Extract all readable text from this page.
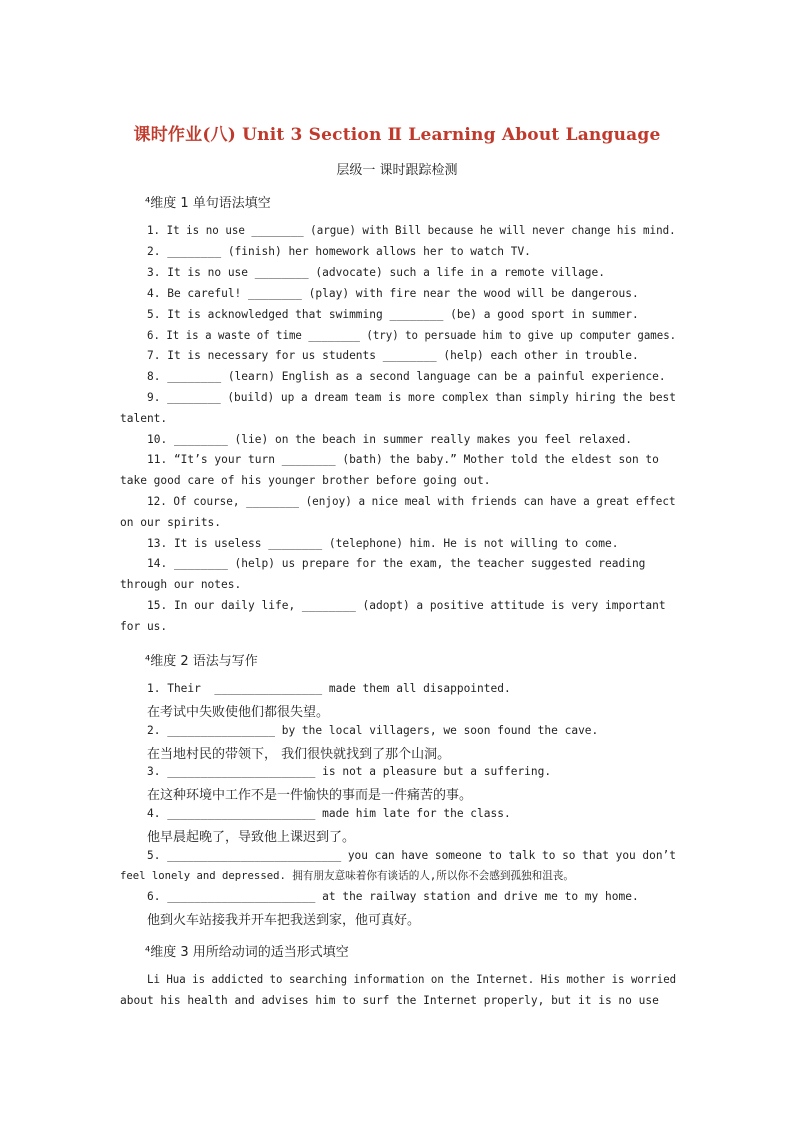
课时作业(八) Unit 3 Section Ⅱ Learning About Language
层级一 课时跟踪检测
⁴维度 1 单句语法填空
1. It is no use ________ (argue) with Bill because he will never change his mind.
2. ________ (finish) her homework allows her to watch TV.
3. It is no use ________ (advocate) such a life in a remote village.
4. Be careful! ________ (play) with fire near the wood will be dangerous.
5. It is acknowledged that swimming ________ (be) a good sport in summer.
6. It is a waste of time ________ (try) to persuade him to give up computer games.
7. It is necessary for us students ________ (help) each other in trouble.
8. ________ (learn) English as a second language can be a painful experience.
9. ________ (build) up a dream team is more complex than simply hiring the best
talent.
10. ________ (lie) on the beach in summer really makes you feel relaxed.
11. “It’s your turn ________ (bath) the baby.” Mother told the eldest son to
take good care of his younger brother before going out.
12. Of course, ________ (enjoy) a nice meal with friends can have a great effect
on our spirits.
13. It is useless ________ (telephone) him. He is not willing to come.
14. ________ (help) us prepare for the exam, the teacher suggested reading
through our notes.
15. In our daily life, ________ (adopt) a positive attitude is very important
for us.
⁴维度 2 语法与写作
1. Their  ________________ made them all disappointed.
在考试中失败使他们都很失望。
2. ________________ by the local villagers, we soon found the cave.
在当地村民的带领下， 我们很快就找到了那个山洞。
3. ______________________ is not a pleasure but a suffering.
在这种环境中工作不是一件愉快的事而是一件痛苦的事。
4. ______________________ made him late for the class.
他早晨起晚了，导致他上课迟到了。
5. __________________________ you can have someone to talk to so that you don’t
feel lonely and depressed. 拥有朋友意味着你有谈话的人,所以你不会感到孤独和沮丧。
6. ______________________ at the railway station and drive me to my home.
他到火车站接我并开车把我送到家，他可真好。
⁴维度 3 用所给动词的适当形式填空
Li Hua is addicted to searching information on the Internet. His mother is worried
about his health and advises him to surf the Internet properly, but it is no use
